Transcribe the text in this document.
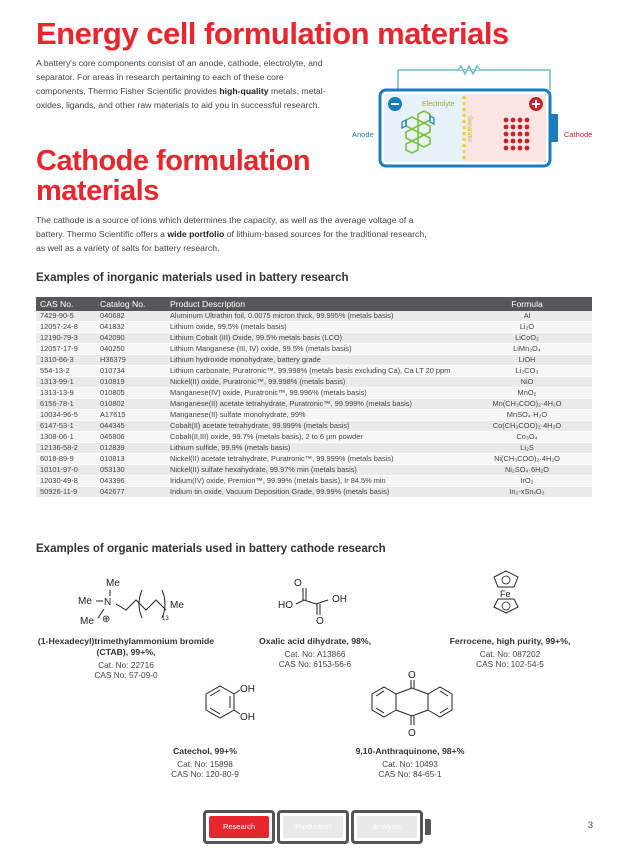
Energy cell formulation materials

A battery's core components consist of an anode, cathode, electrolyte, and separator. For areas in research pertaining to each of these core components, Thermo Fisher Scientific provides high-quality metals, metal-oxides, ligands, and other raw materials to aid you in successful research.	Electrolyte
Separator
Anode	Cathode
Cathode formulation materials

The cathode is a source of ions which determines the capacity, as well as the average voltage of a battery. Thermo Scientific offers a wide portfolio of lithium-based sources for the traditional research, as well as a variety of salts for battery research.

Examples of inorganic materials used in battery research
CAS No.	Catalog No.	Product Description	Formula
7429-90-5	040682	Aluminum Ultrathin foil, 0.0075 micron thick, 99.995% (metals basis)	Al
12057-24-8	041832	Lithium oxide, 99.5% (metals basis)	Li₂O
12190-79-3	042090	Lithium Cobalt (III) Oxide, 99.5% metals basis (LCO)	LiCoO₂
12057-17-9	040250	Lithium Manganese (III, IV) oxide, 99.5% (metals basis)	LiMn₂O₄
1310-66-3	H36379	Lithium hydroxide monohydrate, battery grade	LiOH
554-13-2	010734	Lithium carbonate, Puratronic™, 99.998% (metals basis excluding Ca), Ca LT 20 ppm	Li₂CO₃
1313-99-1	010819	Nickel(II) oxide, Puratronic™, 99.998% (metals basis)	NiO
1313-13-9	010805	Manganese(IV) oxide, Puratronic™, 99.996% (metals basis)	MnO₂
6156-78-1	010802	Manganese(II) acetate tetrahydrate, Puratronic™, 99.999% (metals basis)	Mn(CH₃COO)₂·4H₂O
10034-96-5	A17615	Manganese(II) sulfate monohydrate, 99%	MnSO₄·H₂O
6147-53-1	044345	Cobalt(II) acetate tetrahydrate, 99.999% (metals basis)	Co(CH₃COO)₂·4H₂O
1308-06-1	045806	Cobalt(II,III) oxide, 99.7% (metals basis), 2 to 6 µm powder	Co₃O₄
12136-58-2	012839	Lithium sulfide, 99.9% (metals basis)	Li₂S
6018-89-9	010813	Nickel(II) acetate tetrahydrate, Puratronic™, 99.999% (metals basis)	Ni(CH₃COO)₂·4H₂O
10101-97-0	053130	Nickel(II) sulfate hexahydrate, 99.97% min (metals basis)	Ni₂SO₄·6H₂O
12030-49-8	043396	Iridium(IV) oxide, Premion™, 99.99% (metals basis), Ir 84.5% min	IrO₂
50926-11-9	042677	Indium tin oxide, Vacuum Deposition Grade, 99.99% (metals basis)	In₂-xSnₓO₃
Examples of organic materials used in battery cathode research
Me
Me
Me
N
⊕	13
Me
O
HO
OH
O
Fe
(1-Hexadecyl)trimethylammonium bromide (CTAB), 99+%,
Cat. No: 22716
CAS No: 57-09-0
Oxalic acid dihydrate, 98%,
Cat. No: A13866
CAS No: 6153-56-6
Ferrocene, high purity, 99+%,
Cat. No: 087202
CAS No: 102-54-5
OH
OH
O
O
Catechol, 99+%
Cat. No: 15898
CAS No: 120-80-9
9,10-Anthraquinone, 98+%
Cat. No: 10493
CAS No: 84-65-1
Research	Production	Analysis	3
